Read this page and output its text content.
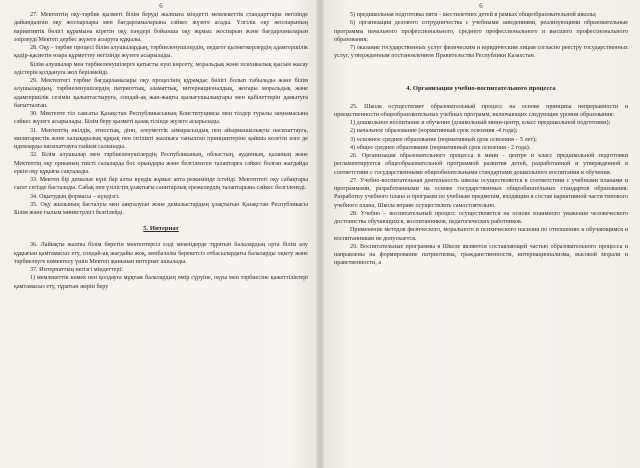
6

27. Мектептің оқу-тәрбие қызметі білім беруді жалпыға міндетті мемлекеттік стандарттары негізінде дайындалған оқу жоспарлары мен бағдарламаларына сәйкес жүзеге асады. Үлгілік оқу жоспарының вариативтік бөлігі құрамына кіретін оқу пәндері бойынша оқу жұмыс жоспарын және бағдарламаларын әзірлеуді Мектеп дербес жүзеге асыруға құқылы.

28. Оқу - тәрбие процесі білім алушылардың, тәрбиеленушілердің, педагог қызметкерлердің адамгершілік қадір-қасиетін өзара құрметтеу негізінде жүзеге асырылады.

Білім алушылар мен тәрбиеленушілерге қатысты күш көрсету, моральдық және психикалық қысым жасау әдістерін қолдануға жол берілмейді.

29. Мектептегі тәрбие бағдарламалары оқу процесінің құрамдас бөлігі болып табылады және білім алушылардың, тәрбиеленушілердің патриоттық, азаматтық, интернационалдық, жоғары моральдық және адамгершілік сезімін қалыптастыруға, сондай-ақ жан-жақты қызығушылықтары мен қабілеттерін дамытуға бағытталған.

30. Мектепте тіл саясаты Қазақстан Республикасының Конституциясы мен тілдер туралы заңнамасына сәйкес жүзеге асырылады. Білім беру қызметі қазақ тілінде жүзеге асырылады.

31. Мектептің өкілдік, этностық, дінн, әлеуметтік ымырасыздық пен айырмашылықты насихаттауға, милитаристік және халықаралық құқық пен ізгілікті жалпыға танылған принциптеріне қайшы келетін өзге де идеяларды насихаттауға тыйым салынады.

32. Білім алушылар мен тәрбиеленушілердің Республиканың, облыстың, ауданның, қаланың және Мектептің оқу орнының тиісті салаларда бос орындары және белгіленген талаптарға сәйкес болған жағдайда еркін оқу құқығы сақталады.

33. Мектеп бір демалыс күні бар алты күндік жұмыс апта режимінде істейді. Мектептегі оқу сабақтары сағат сегізде басталады. Сабақ пен үзілістің ұзақтығы санитарлық ережелердің талаптарына сәйкес белгіленеді.

34. Оқытудың формасы – күндізгі.

35. Оқу жылының басталуы мен аяқталуын және демалыстардың ұзақтығын Қазақстан Республикасы Білім және ғылым министрлігі белгілейді.

5. Интернат

36. Лайықты жалпы білім беретін мектептерсіз елді мекендерде тұратын балалардың орта білім алу құқығын қамтамасыз ету, сондай-ақ жағдайы жоқ, көпбалалы берекетсіз отбасылардағы балаларды оқыту және тәрбиелеуге көмектесу үшін Мектеп жанынан интернат ашылады.

37. Интернаттың негізгі міндеттері:

1) мемлекеттік көмек пен қолдауға мұқтаж балалардың өмір сүруіне, оқуы мен тәрбиесіне қажеттіліктері қамтамасыз ету, тұратын жерін беру

6

5) предшкольная подготовка пяти - шестилетних детей в рамках общеобразовательной школы;

6) организация делового сотрудничества с учебными заведениями, реализующими образовательные программы начального профессионального, среднего профессионального и высшего профессионального образования;

7) оказание государственных услуг физическим и юридическим лицам согласно реестру государственных услуг, утвержденным постановлением Правительства Республики Казахстан.

4. Организация учебно-воспитательного процесса

25. Школа осуществляет образовательный процесс на основе принципа непрерывности и преемственности общеобразовательных учебных программ, включающих следующие уровни образования:

1) дошкольное воспитание и обучение (дошкольный мини-центр, класс предшкольной подготовки);

2) начальное образование (нормативный срок освоения -4 года);

3) основное среднее образование (нормативный срок освоения – 5 лет);

4) общее среднее образование (нормативный срок освоения - 2 года).

26. Организация образовательного процесса в мини - центре и класс предшкольной подготовки регламентируется общеобразовательной программой развития детей, разработанной и утвержденной в соответствии с государственными общеобязательными стандартами дошкольного воспитания и обучения.

27. Учебно-воспитательная деятельность школы осуществляется в соответствии с учебными планами и программами, разработанными на основе государственных общеобязательных стандартов образования. Разработку учебного плана и программ по учебным предметам, входящим в состав вариативной части типового учебного плана, Школа вправе осуществлять самостоятельно.

28. Учебно – воспитательный процесс осуществляется на основе взаимного уважения человеческого достоинства обучающихся, воспитанников, педагогических работников.

Применение методов физического, морального и психического насилия по отношению к обучающимся и воспитанникам не допускается.

29. Воспитательные программы в Школе являются составляющей частью образовательного процесса и направлены на формирование патриотизма, гражданственности, интернационализма, высокой морали и нравственности, а
